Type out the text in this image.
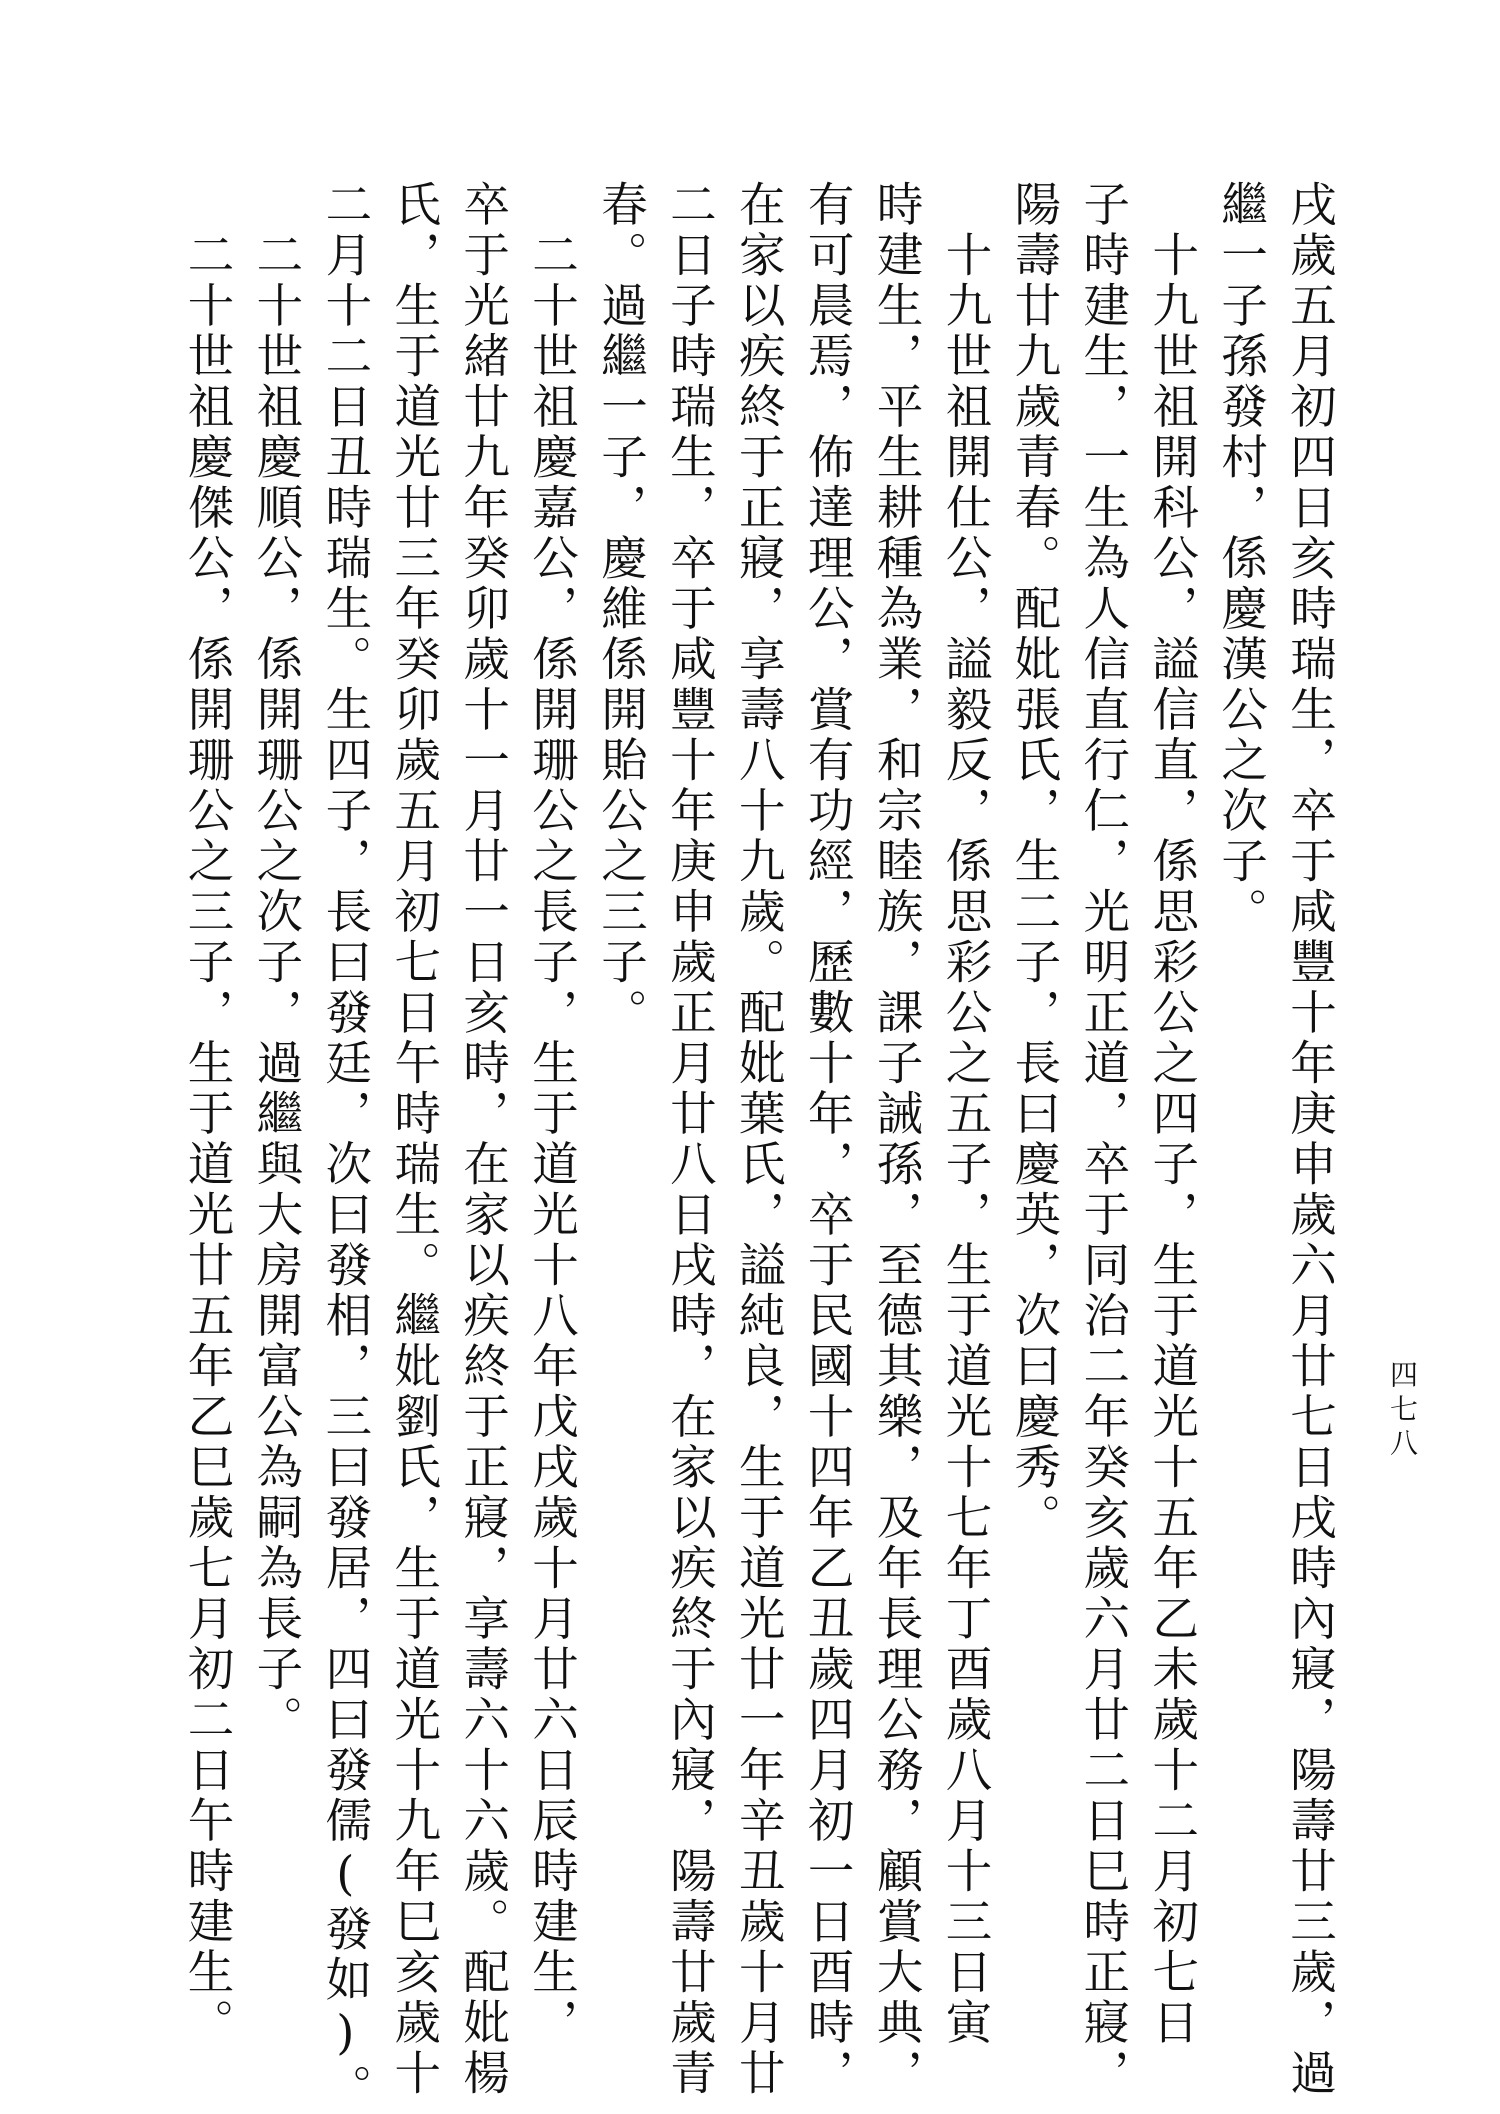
四七八

戌歲五月初四日亥時瑞生，卒于咸豐十年庚申歲六月廿七日戌時內寢，陽壽廿三歲，過

繼一子孫發村，係慶漢公之次子。

　十九世祖開科公，謚信直，係思彩公之四子，生于道光十五年乙未歲十二月初七日

子時建生，一生為人信直行仁，光明正道，卒于同治二年癸亥歲六月廿二日巳時正寢，

陽壽廿九歲青春。配妣張氏，生二子，長曰慶英，次曰慶秀。

　十九世祖開仕公，謚毅反，係思彩公之五子，生于道光十七年丁酉歲八月十三日寅

時建生，平生耕種為業，和宗睦族，課子誡孫，至德其樂，及年長理公務，顧賞大典，

有可晨焉，佈達理公，賞有功經，歷數十年，卒于民國十四年乙丑歲四月初一日酉時，

在家以疾終于正寢，享壽八十九歲。配妣葉氏，謚純良，生于道光廿一年辛丑歲十月廿

二日子時瑞生，卒于咸豐十年庚申歲正月廿八日戌時，在家以疾終于內寢，陽壽廿歲青

春。過繼一子，慶維係開貽公之三子。

　二十世祖慶嘉公，係開珊公之長子，生于道光十八年戊戌歲十月廿六日辰時建生，

卒于光緒廿九年癸卯歲十一月廿一日亥時，在家以疾終于正寢，享壽六十六歲。配妣楊

氏，生于道光廿三年癸卯歲五月初七日午時瑞生。繼妣劉氏，生于道光十九年巳亥歲十

二月十二日丑時瑞生。生四子，長曰發廷，次曰發相，三曰發居，四曰發儒(發如)。

　二十世祖慶順公，係開珊公之次子，過繼與大房開富公為嗣為長子。

　二十世祖慶傑公，係開珊公之三子，生于道光廿五年乙巳歲七月初二日午時建生。
